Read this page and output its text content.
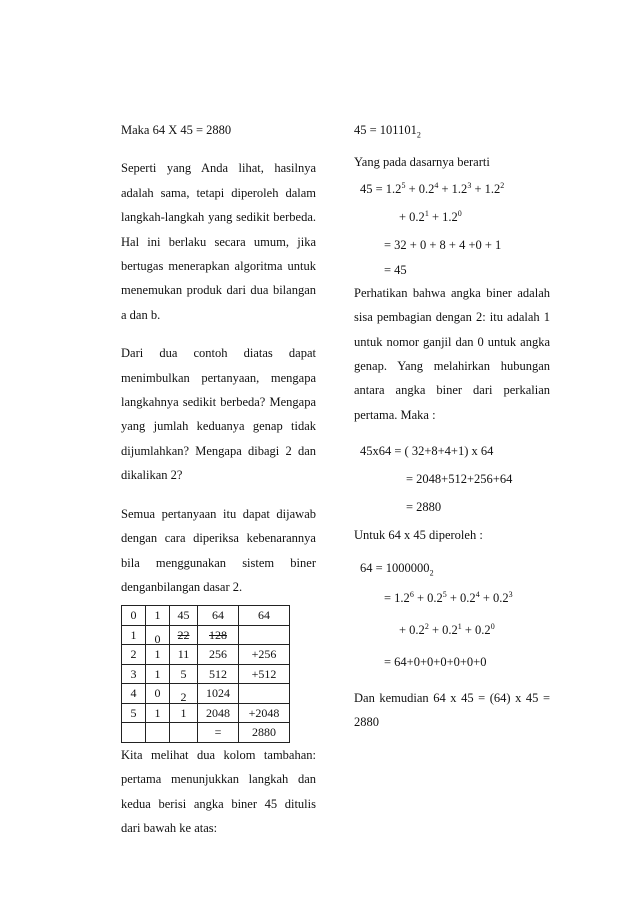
Maka 64 X 45 = 2880

Seperti yang Anda lihat, hasilnya adalah sama, tetapi diperoleh dalam langkah-langkah yang sedikit berbeda. Hal ini berlaku secara umum, jika bertugas menerapkan algoritma untuk menemukan produk dari dua bilangan a dan b.

Dari dua contoh diatas dapat menimbulkan pertanyaan, mengapa langkahnya sedikit berbeda? Mengapa yang jumlah keduanya genap tidak dijumlahkan? Mengapa dibagi 2 dan dikalikan 2?

Semua pertanyaan itu dapat dijawab dengan cara diperiksa kebenarannya bila menggunakan sistem biner denganbilangan dasar 2.

0	1	45	64	64
1	0	22	128	
2	1	11	256	+256
3	1	5	512	+512
4	0	2	1024	
5	1	1	2048	+2048
			=	2880

Kita melihat dua kolom tambahan: pertama menunjukkan langkah dan kedua berisi angka biner 45 ditulis dari bawah ke atas:

$45 = 101101_2$

Yang pada dasarnya berarti

$45 = 1.2^5 + 0.2^4 + 1.2^3 + 1.2^2$
+ $0.2^1 + 1.2^0$
= 32 + 0 + 8 + 4 +0 + 1
= 45

Perhatikan bahwa angka biner adalah sisa pembagian dengan 2: itu adalah 1 untuk nomor ganjil dan 0 untuk angka genap. Yang melahirkan hubungan antara angka biner dari perkalian pertama. Maka :

45x64 = ( 32+8+4+1) x 64
= 2048+512+256+64
= 2880

Untuk 64 x 45 diperoleh :

$64 = 1000000_2$
= $1.2^6 + 0.2^5 + 0.2^4 + 0.2^3$
+ $0.2^2 + 0.2^1 + 0.2^0$
= 64+0+0+0+0+0+0

Dan kemudian 64 x 45 = (64) x 45 = 2880
